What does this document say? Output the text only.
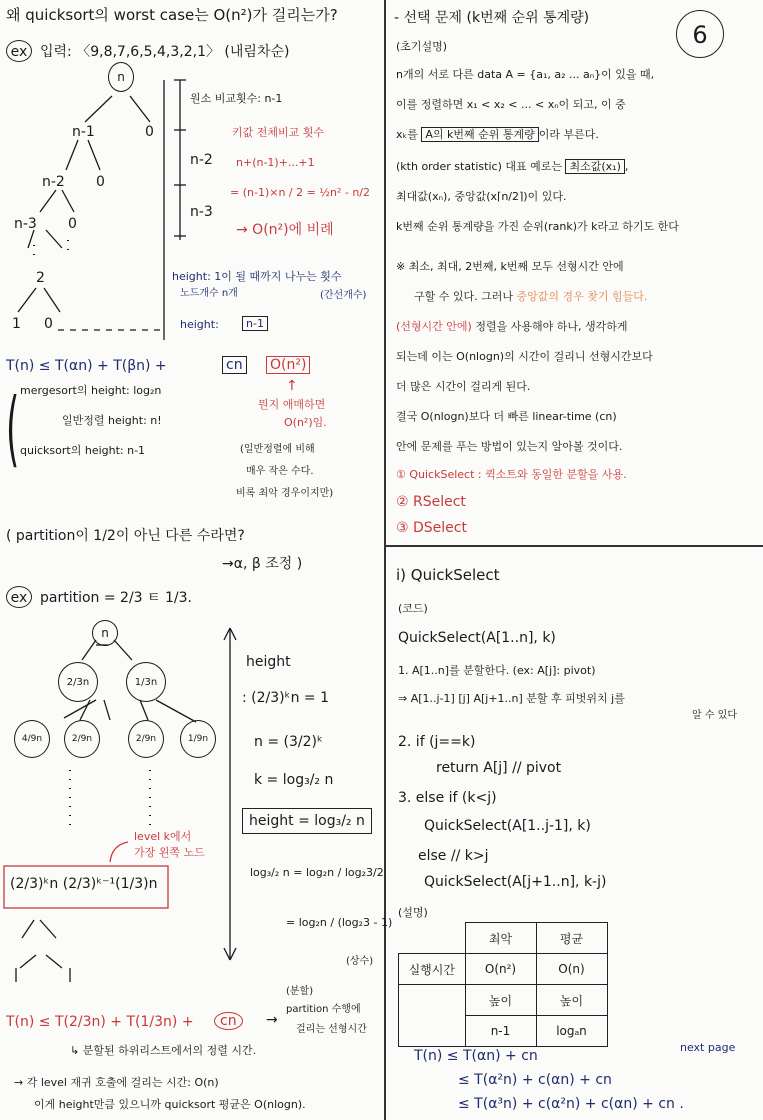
왜 quicksort의 worst case는 O(n²)가 걸리는가?
ex 입력: 〈9,8,7,6,5,4,3,2,1〉 (내림차순)
n
n-1	0
n-2 0
n-3 0
2
1 0
원소 비교횟수: n-1
n-2
n-3
키값 전체비교 횟수
n+(n-1)+...+1
= (n-1)×n / 2 = ½n² - n/2
→ O(n²)에 비례
height: 1이 될 때까지 나누는 횟수
노드개수 n개	(간선개수)
height:	n-1
T(n) ≤ T(αn) + T(βn) +	cn O(n²)
↑
뭔지 애매하면
O(n²)임.
( mergesort의 height: log₂n
일반정렬 height: n!
quicksort의 height: n-1	(일반정렬에 비해
매우 작은 수다.
비록 최악 경우이지만)
( partition이 1/2이 아닌 다른 수라면?
→α, β 조정 )
ex partition = 2/3 ㅌ 1/3.
n
2/3n	1/3n
4/9n	2/9n	2/9n	1/9n
(2/3)ᵏn (2/3)ᵏ⁻¹(1/3)n
level k에서
가장 왼쪽 노드
height
: (2/3)ᵏn = 1
n = (3/2)ᵏ
k = log₃/₂ n
height = log₃/₂ n
log₃/₂ n = log₂n / log₂3/2
= log₂n / (log₂3 - 1)
(상수)
(분할)
T(n) ≤ T(2/3n) + T(1/3n) +	cn	→
partition 수행에
걸리는 선형시간
↳ 분할된 하위리스트에서의 정렬 시간.
→ 각 level 재귀 호출에 걸리는 시간: O(n)
이게 height만큼 있으니까 quicksort 평균은 O(nlogn).
- 선택 문제 (k번째 순위 통계량)
6
(초기설명)
n개의 서로 다른 data A = {a₁, a₂ ... aₙ}이 있을 때,
이를 정렬하면 x₁ < x₂ < ... < xₙ이 되고, 이 중
xₖ를 A의 k번째 순위 통계량 이라 부른다.
(kth order statistic) 대표 예로는 최소값(x₁) ,
최대값(xₙ), 중앙값(x⌈n/2⌉)이 있다.
k번째 순위 통계량을 가진 순위(rank)가 k라고 하기도 한다
※ 최소, 최대, 2번째, k번째 모두 선형시간 안에
구할 수 있다. 그러나 중앙값의 경우 찾기 힘들다.
(선형시간 안에) 정렬을 사용해야 하나, 생각하게
되는데 이는 O(nlogn)의 시간이 걸리니 선형시간보다
더 많은 시간이 걸리게 된다.
결국 O(nlogn)보다 더 빠른 linear-time (cn)
안에 문제를 푸는 방법이 있는지 알아볼 것이다.
① QuickSelect : 퀵소트와 동일한 분할을 사용.
② RSelect
③ DSelect
i) QuickSelect
(코드)
QuickSelect(A[1..n], k)
1. A[1..n]를 분할한다. (ex: A[j]: pivot)
⇒ A[1..j-1] [j] A[j+1..n] 분할 후 피벗위치 j를
알 수 있다
2. if (j==k)
return A[j] // pivot
3. else if (k<j)
QuickSelect(A[1..j-1], k)
else // k>j
QuickSelect(A[j+1..n], k-j)
(설명)
	최악	평균
실행시간	O(n²)	O(n)
	높이	높이
	n-1	logₐn
T(n) ≤ T(αn) + cn
≤ T(α²n) + c(αn) + cn
≤ T(α³n) + c(α²n) + c(αn) + cn .
next page
